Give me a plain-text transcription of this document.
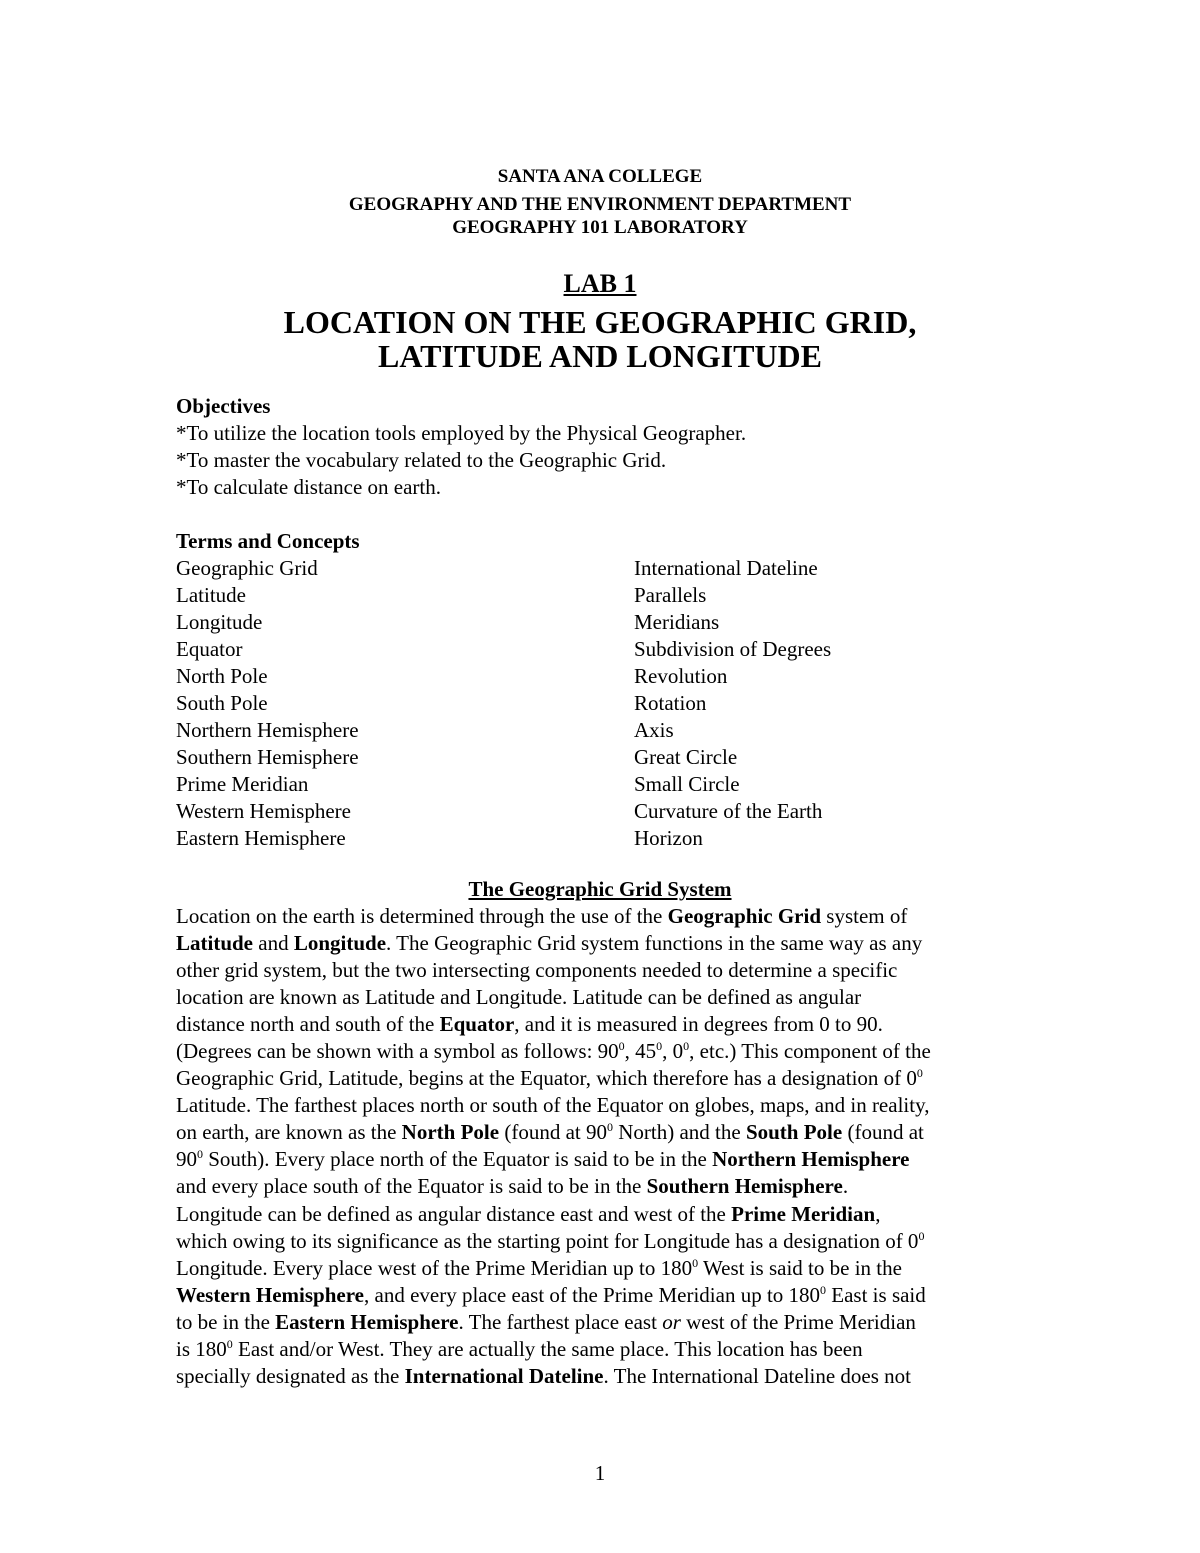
SANTA ANA COLLEGE
GEOGRAPHY AND THE ENVIRONMENT DEPARTMENT
GEOGRAPHY 101 LABORATORY
LAB 1
LOCATION ON THE GEOGRAPHIC GRID,
LATITUDE AND LONGITUDE
Objectives
*To utilize the location tools employed by the Physical Geographer.
*To master the vocabulary related to the Geographic Grid.
*To calculate distance on earth.
Terms and Concepts
Geographic Grid
Latitude
Longitude
Equator
North Pole
South Pole
Northern Hemisphere
Southern Hemisphere
Prime Meridian
Western Hemisphere
Eastern Hemisphere
International Dateline
Parallels
Meridians
Subdivision of Degrees
Revolution
Rotation
Axis
Great Circle
Small Circle
Curvature of the Earth
Horizon
The Geographic Grid System
Location on the earth is determined through the use of the Geographic Grid system of
Latitude and Longitude. The Geographic Grid system functions in the same way as any
other grid system, but the two intersecting components needed to determine a specific
location are known as Latitude and Longitude. Latitude can be defined as angular
distance north and south of the Equator, and it is measured in degrees from 0 to 90.
(Degrees can be shown with a symbol as follows: $90^0$, $45^0$, $0^0$, etc.) This component of the
Geographic Grid, Latitude, begins at the Equator, which therefore has a designation of $0^0$
Latitude. The farthest places north or south of the Equator on globes, maps, and in reality,
on earth, are known as the North Pole (found at $90^0$ North) and the South Pole (found at
$90^0$ South). Every place north of the Equator is said to be in the Northern Hemisphere
and every place south of the Equator is said to be in the Southern Hemisphere.
Longitude can be defined as angular distance east and west of the Prime Meridian,
which owing to its significance as the starting point for Longitude has a designation of $0^0$
Longitude. Every place west of the Prime Meridian up to $180^0$ West is said to be in the
Western Hemisphere, and every place east of the Prime Meridian up to $180^0$ East is said
to be in the Eastern Hemisphere. The farthest place east or west of the Prime Meridian
is $180^0$ East and/or West. They are actually the same place. This location has been
specially designated as the International Dateline. The International Dateline does not
1
